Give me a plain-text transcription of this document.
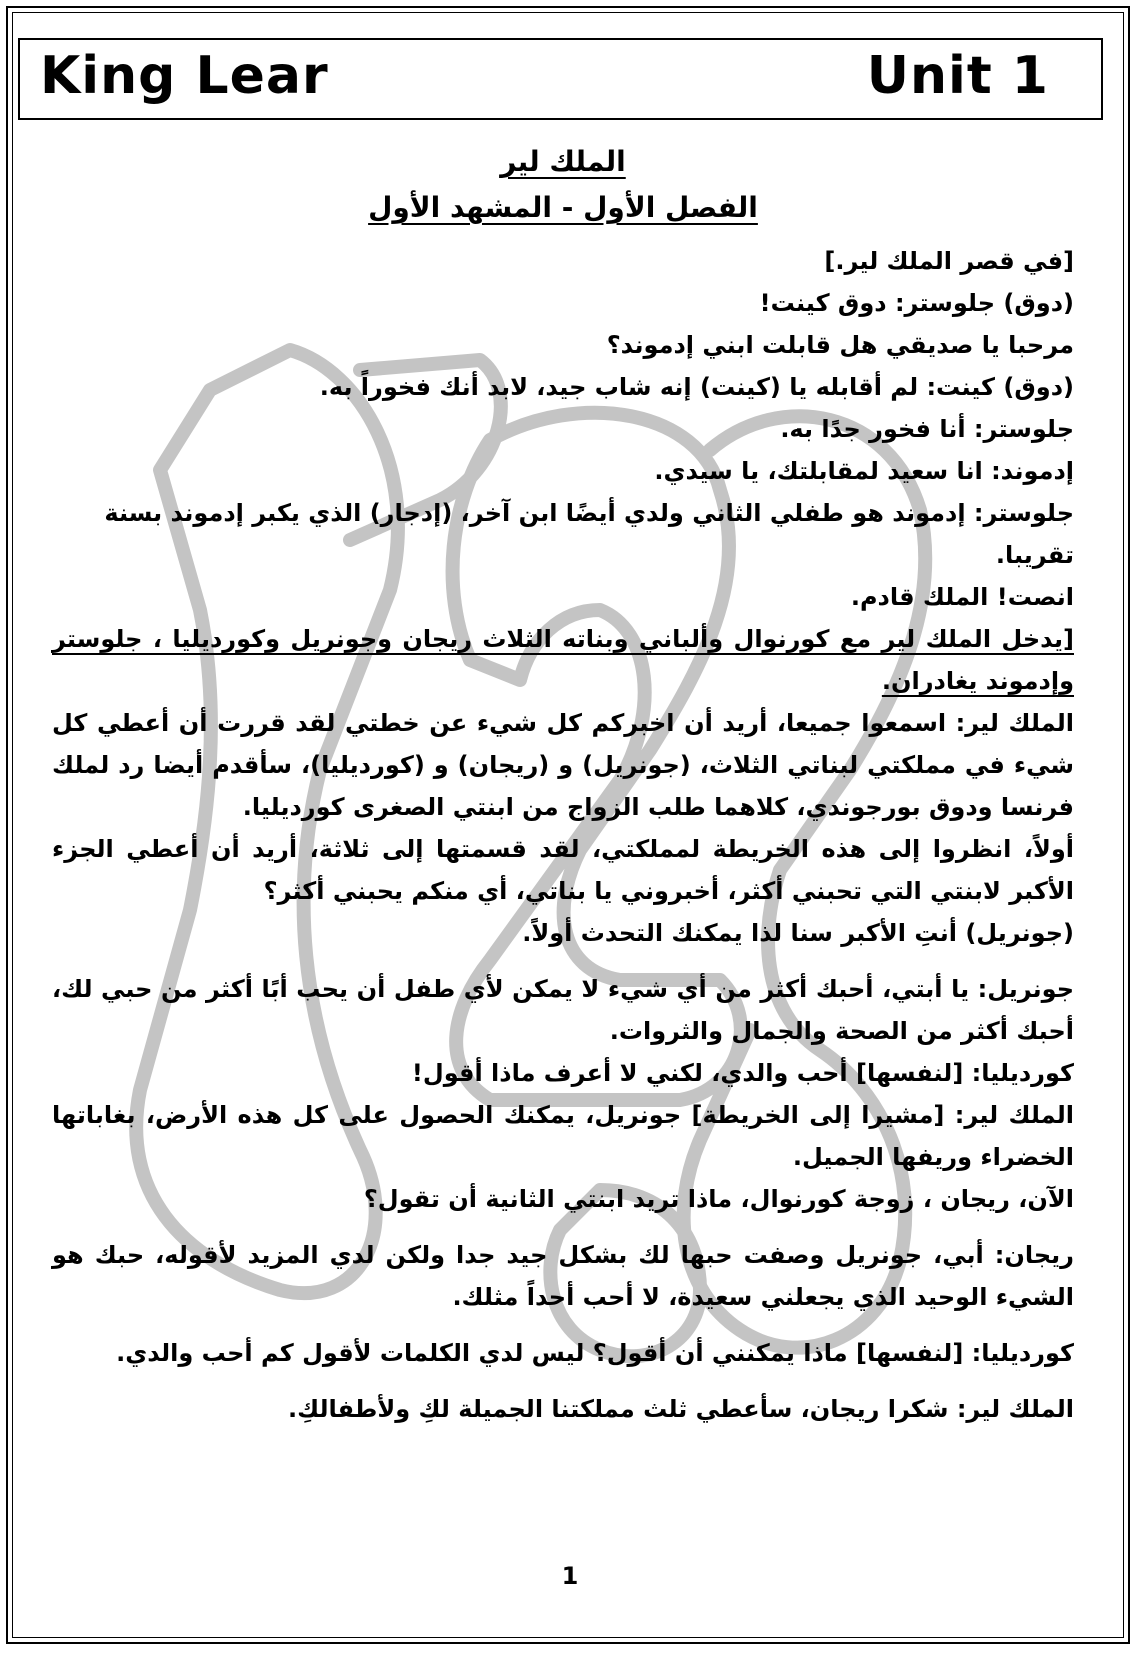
King Lear	Unit 1
الملك لير
الفصل الأول - المشهد الأول

[في قصر الملك لير.]

(دوق) جلوستر: دوق كينت!

مرحبا يا صديقي هل قابلت ابني إدموند؟

(دوق) كينت: لم أقابله يا (كينت) إنه شاب جيد، لابد أنك فخوراً به.

جلوستر: أنا فخور جدًا به.

إدموند: انا سعيد لمقابلتك، يا سيدي.

جلوستر: إدموند هو طفلي الثاني ولدي أيضًا ابن آخر، (إدجار) الذي يكبر إدموند بسنة تقريبا.

انصت! الملك قادم.

[يدخل الملك لير مع كورنوال وألباني وبناته الثلاث ريجان وجونريل وكورديليا ، جلوستر وإدموند يغادران.

الملك لير: اسمعوا جميعا، أريد أن اخبركم كل شيء عن خطتي لقد قررت أن أعطي كل شيء في مملكتي لبناتي الثلاث، (جونريل) و (ريجان) و (كورديليا)، سأقدم أيضا رد لملك فرنسا ودوق بورجوندي، كلاهما طلب الزواج من ابنتي الصغرى كورديليا.

أولاً، انظروا إلى هذه الخريطة لمملكتي، لقد قسمتها إلى ثلاثة، أريد أن أعطي الجزء الأكبر لابنتي التي تحبني أكثر، أخبروني يا بناتي، أي منكم يحبني أكثر؟

(جونريل) أنتِ الأكبر سنا لذا يمكنك التحدث أولاً.

جونريل: يا أبتي، أحبك أكثر من أي شيء لا يمكن لأي طفل أن يحب أبًا أكثر من حبي لك، أحبك أكثر من الصحة والجمال والثروات.

كورديليا: [لنفسها] أحب والدي، لكني لا أعرف ماذا أقول!

الملك لير: [مشيرا إلى الخريطة] جونريل، يمكنك الحصول على كل هذه الأرض، بغاباتها الخضراء وريفها الجميل.

الآن، ريجان ، زوجة كورنوال، ماذا تريد ابنتي الثانية أن تقول؟

ريجان: أبي، جونريل وصفت حبها لك بشكل جيد جدا ولكن لدي المزيد لأقوله، حبك هو الشيء الوحيد الذي يجعلني سعيدة، لا أحب أحداً مثلك.

كورديليا: [لنفسها] ماذا يمكنني أن أقول؟ ليس لدي الكلمات لأقول كم أحب والدي.

الملك لير: شكرا ريجان، سأعطي ثلث مملكتنا الجميلة لكِ ولأطفالكِ.

1
